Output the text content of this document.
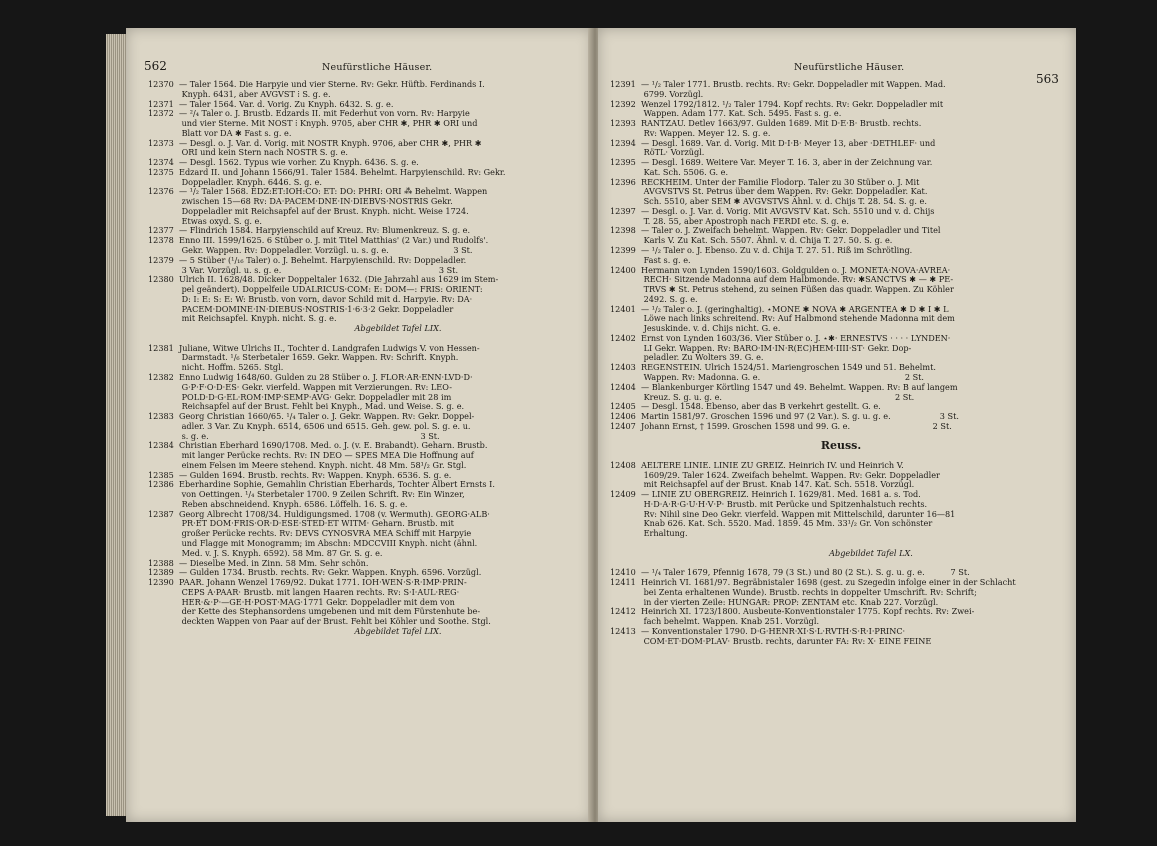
562	Neufürstliche Häuser.
12370  — Taler 1564. Die Harpyie und vier Sterne. Rv: Gekr. Hüftb. Ferdinands I.
Knyph. 6431, aber AVGVST ⁞ S. g. e.
12371  — Taler 1564. Var. d. Vorig. Zu Knyph. 6432. S. g. e.
12372  — ²/₄ Taler o. J. Brustb. Edzards II. mit Federhut von vorn. Rv: Harpyie
und vier Sterne. Mit NOST ⁞ Knyph. 9705, aber CHR ✱, PHR ✱ ORI und
Blatt vor DA ✱ Fast s. g. e.
12373  — Desgl. o. J. Var. d. Vorig. mit NOSTR Knyph. 9706, aber CHR ✱, PHR ✱
ORI und kein Stern nach NOSTR S. g. e.
12374  — Desgl. 1562. Typus wie vorher. Zu Knyph. 6436. S. g. e.
12375  Edzard II. und Johann 1566/91. Taler 1584. Behelmt. Harpyienschild. Rv: Gekr.
Doppeladler. Knyph. 6446. S. g. e.
12376  — ¹/₂ Taler 1568. EDZ:ET:IOH:CO: ET: DO: PHRI: ORI ⁂ Behelmt. Wappen
zwischen 15—68 Rv: DA·PACEM·DNE·IN·DIEBVS·NOSTRIS Gekr.
Doppeladler mit Reichsapfel auf der Brust. Knyph. nicht. Weise 1724.
Etwas oxyd. S. g. e.
12377  — Flindrich 1584. Harpyienschild auf Kreuz. Rv: Blumenkreuz. S. g. e.
12378  Enno III. 1599/1625. 6 Stüber o. J. mit Titel Matthias' (2 Var.) und Rudolfs'.
Gekr. Wappen. Rv: Doppeladler. Vorzügl. u. s. g. e.                         3 St.
12379  — 5 Stüber (¹/₁₆ Taler) o. J. Behelmt. Harpyienschild. Rv: Doppeladler.
3 Var. Vorzügl. u. s. g. e.                                                             3 St.
12380  Ulrich II. 1628/48. Dicker Doppeltaler 1632. (Die Jahrzahl aus 1629 im Stem-
pel geändert). Doppelfeile UDALRICUS·COM: E: DOM—: FRIS: ORIENT:
D: I: E: S: E: W: Brustb. von vorn, davor Schild mit d. Harpyie. Rv: DA·
PACEM·DOMINE·IN·DIEBUS·NOSTRIS·1·6·3·2 Gekr. Doppeladler
mit Reichsapfel. Knyph. nicht. S. g. e.
Abgebildet Tafel LIX.
12381  Juliane, Witwe Ulrichs II., Tochter d. Landgrafen Ludwigs V. von Hessen-
Darmstadt. ¹/₆ Sterbetaler 1659. Gekr. Wappen. Rv: Schrift. Knyph.
nicht. Hoffm. 5265. Stgl.
12382  Enno Ludwig 1648/60. Gulden zu 28 Stüber o. J. FLOR·AR·ENN·LVD·D·
G·P·F·O·D·ES· Gekr. vierfeld. Wappen mit Verzierungen. Rv: LEO-
POLD·D·G·EL·ROM·IMP·SEMP·AVG· Gekr. Doppeladler mit 28 im
Reichsapfel auf der Brust. Fehlt bei Knyph., Mad. und Weise. S. g. e.
12383  Georg Christian 1660/65. ¹/₄ Taler o. J. Gekr. Wappen. Rv: Gekr. Doppel-
adler. 3 Var. Zu Knyph. 6514, 6506 und 6515. Geh. gew. pol. S. g. e. u.
s. g. e.                                                                                  3 St.
12384  Christian Eberhard 1690/1708. Med. o. J. (v. E. Brabandt). Geharn. Brustb.
mit langer Perücke rechts. Rv: IN DEO — SPES MEA Die Hoffnung auf
einem Felsen im Meere stehend. Knyph. nicht. 48 Mm. 58¹/₂ Gr. Stgl.
12385  — Gulden 1694. Brustb. rechts. Rv: Wappen. Knyph. 6536. S. g. e.
12386  Eberhardine Sophie, Gemahlin Christian Eberhards, Tochter Albert Ernsts I.
von Oettingen. ¹/₄ Sterbetaler 1700. 9 Zeilen Schrift. Rv: Ein Winzer,
Reben abschneidend. Knyph. 6586. Löffelh. 16. S. g. e.
12387  Georg Albrecht 1708/34. Huldigungsmed. 1708 (v. Wermuth). GEORG·ALB·
PR·ET DOM·FRIS·OR·D·ESE·STED·ET WITM· Geharn. Brustb. mit
großer Perücke rechts. Rv: DEVS CYNOSVRA MEA Schiff mit Harpyie
und Flagge mit Monogramm; im Abschn: MDCCVIII Knyph. nicht (ähnl.
Med. v. J. S. Knyph. 6592). 58 Mm. 87 Gr. S. g. e.
12388  — Dieselbe Med. in Zinn. 58 Mm. Sehr schön.
12389  — Gulden 1734. Brustb. rechts. Rv: Gekr. Wappen. Knyph. 6596. Vorzügl.
12390  PAAR. Johann Wenzel 1769/92. Dukat 1771. IOH·WEN·S·R·IMP·PRIN-
CEPS A·PAAR· Brustb. mit langen Haaren rechts. Rv: S·I·AUL·REG·
HER·&·P·—GE·H·POST·MAG·1771 Gekr. Doppeladler mit dem von
der Kette des Stephansordens umgebenen und mit dem Fürstenhute be-
deckten Wappen von Paar auf der Brust. Fehlt bei Köhler und Soothe. Stgl.
Abgebildet Tafel LIX.
Neufürstliche Häuser.
563
12391  — ¹/₂ Taler 1771. Brustb. rechts. Rv: Gekr. Doppeladler mit Wappen. Mad.
6799. Vorzügl.
12392  Wenzel 1792/1812. ¹/₂ Taler 1794. Kopf rechts. Rv: Gekr. Doppeladler mit
Wappen. Adam 177. Kat. Sch. 5495. Fast s. g. e.
12393  RANTZAU. Detlev 1663/97. Gulden 1689. Mit D·E·B· Brustb. rechts.
Rv: Wappen. Meyer 12. S. g. e.
12394  — Desgl. 1689. Var. d. Vorig. Mit D·I·B· Meyer 13, aber ·DETHLEF· und
RöTL· Vorzügl.
12395  — Desgl. 1689. Weitere Var. Meyer T. 16. 3, aber in der Zeichnung var.
Kat. Sch. 5506. G. e.
12396  RECKHEIM. Unter der Familie Flodorp. Taler zu 30 Stüber o. J. Mit
AVGVSTVS St. Petrus über dem Wappen. Rv: Gekr. Doppeladler. Kat.
Sch. 5510, aber SEM ✱ AVGVSTVS Ähnl. v. d. Chijs T. 28. 54. S. g. e.
12397  — Desgl. o. J. Var. d. Vorig. Mit AVGVSTV Kat. Sch. 5510 und v. d. Chijs
T. 28. 55, aber Apostroph nach FERDI etc. S. g. e.
12398  — Taler o. J. Zweifach behelmt. Wappen. Rv: Gekr. Doppeladler und Titel
Karls V. Zu Kat. Sch. 5507. Ähnl. v. d. Chija T. 27. 50. S. g. e.
12399  — ¹/₂ Taler o. J. Ebenso. Zu v. d. Chija T. 27. 51. Riß im Schrötling.
Fast s. g. e.
12400  Hermann von Lynden 1590/1603. Goldgulden o. J. MONETA·NOVA·AVREA·
RECH· Sitzende Madonna auf dem Halbmonde. Rv: ✱SANCTVS ✱ — ✱ PE-
TRVS ✱ St. Petrus stehend, zu seinen Füßen das quadr. Wappen. Zu Köhler
2492. S. g. e.
12401  — ¹/₂ Taler o. J. (geringhaltig). ⋆MONE ✱ NOVA ✱ ARGENTEA ✱ D ✱ I ✱ L
Löwe nach links schreitend. Rv: Auf Halbmond stehende Madonna mit dem
Jesuskinde. v. d. Chijs nicht. G. e.
12402  Ernst von Lynden 1603/36. Vier Stüber o. J. ⋆✱· ERNESTVS · · · · LYNDEN·
LI Gekr. Wappen. Rv: BARO·IM·IN·R(EC)HEM·IIII·ST· Gekr. Dop-
peladler. Zu Wolters 39. G. e.
12403  REGENSTEIN. Ulrich 1524/51. Mariengroschen 1549 und 51. Behelmt.
Wappen. Rv: Madonna. G. e.                                                        2 St.
12404  — Blankenburger Körtling 1547 und 49. Behelmt. Wappen. Rv: B auf langem
Kreuz. S. g. u. g. e.                                                                   2 St.
12405  — Desgl. 1548. Ebenso, aber das B verkehrt gestellt. G. e.
12406  Martin 1581/97. Groschen 1596 und 97 (2 Var.). S. g. u. g. e.                   3 St.
12407  Johann Ernst, † 1599. Groschen 1598 und 99. G. e.                                2 St.
Reuss.
12408  AELTERE LINIE. LINIE ZU GREIZ. Heinrich IV. und Heinrich V.
1609/29. Taler 1624. Zweifach behelmt. Wappen. Rv: Gekr. Doppeladler
mit Reichsapfel auf der Brust. Knab 147. Kat. Sch. 5518. Vorzügl.
12409  — LINIE ZU OBERGREIZ. Heinrich I. 1629/81. Med. 1681 a. s. Tod.
H·D·A·R·G·U·H·V·P· Brustb. mit Perücke und Spitzenhalstuch rechts.
Rv: Nihil sine Deo Gekr. vierfeld. Wappen mit Mittelschild, darunter 16—81
Knab 626. Kat. Sch. 5520. Mad. 1859. 45 Mm. 33¹/₂ Gr. Von schönster
Erhaltung.
Abgebildet Tafel LX.
12410  — ¹/₄ Taler 1679, Pfennig 1678, 79 (3 St.) und 80 (2 St.). S. g. u. g. e.          7 St.
12411  Heinrich VI. 1681/97. Begräbnistaler 1698 (gest. zu Szegedin infolge einer in der Schlacht
bei Zenta erhaltenen Wunde). Brustb. rechts in doppelter Umschrift. Rv: Schrift;
in der vierten Zeile: HUNGAR: PROP: ZENTAM etc. Knab 227. Vorzügl.
12412  Heinrich XI. 1723/1800. Ausbeute-Konventionstaler 1775. Kopf rechts. Rv: Zwei-
fach behelmt. Wappen. Knab 251. Vorzügl.
12413  — Konventionstaler 1790. D·G·HENR·XI·S·L·RVTH·S·R·I·PRINC·
COM·ET·DOM·PLAV· Brustb. rechts, darunter FA: Rv: X· EINE FEINE
